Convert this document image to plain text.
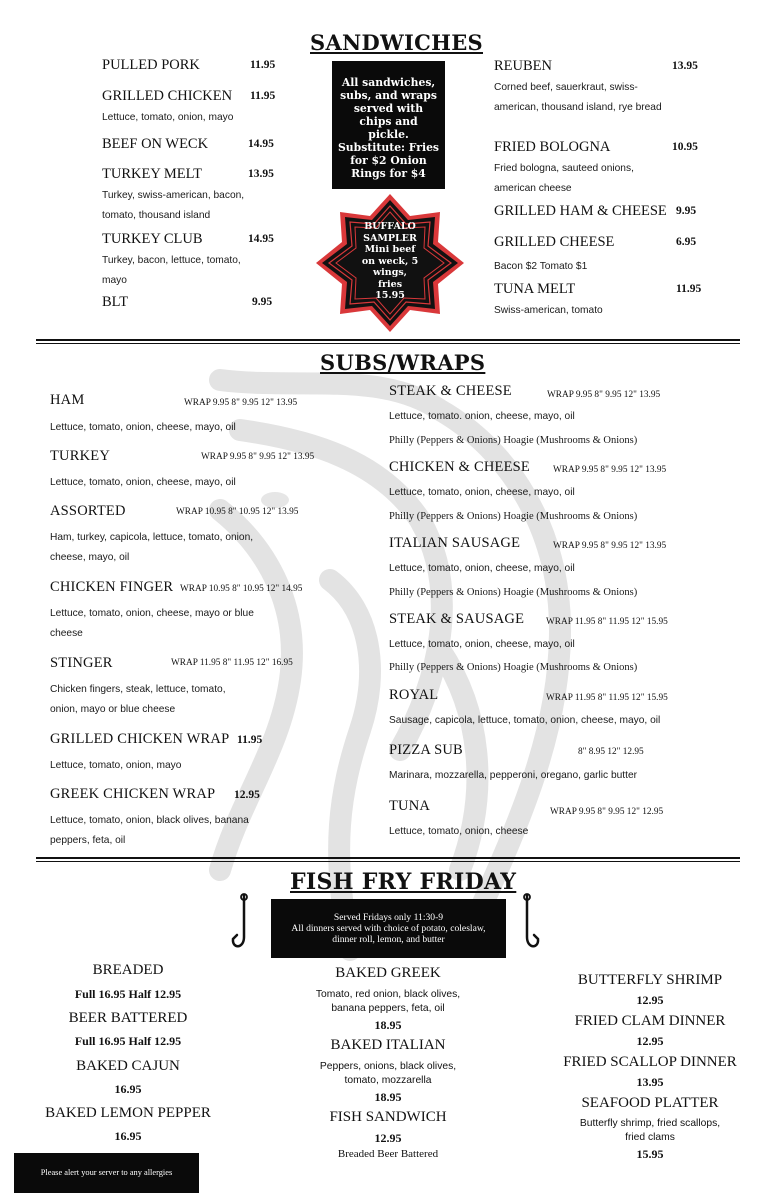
SANDWICHES
PULLED PORK	11.95
GRILLED CHICKEN 11.95
Lettuce, tomato, onion, mayo
BEEF ON WECK	14.95
TURKEY MELT	13.95
Turkey, swiss-american, bacon, tomato, thousand island
TURKEY CLUB	14.95
Turkey, bacon, lettuce, tomato, mayo
BLT	9.95
All sandwiches, subs, and wraps served with chips and pickle. Substitute: Fries for $2 Onion Rings for $4
BUFFALO
SAMPLER
Mini beef
on weck, 5
wings,
fries
15.95
REUBEN	13.95
Corned beef, sauerkraut, swiss-american, thousand island, rye bread
FRIED BOLOGNA	10.95
Fried bologna, sauteed onions, american cheese
GRILLED HAM & CHEESE 9.95
GRILLED CHEESE	6.95
Bacon $2 Tomato $1
TUNA MELT	11.95
Swiss-american, tomato
SUBS/WRAPS
HAM	WRAP 9.95 8" 9.95 12" 13.95
Lettuce, tomato, onion, cheese, mayo, oil
TURKEY	WRAP 9.95 8" 9.95 12" 13.95
Lettuce, tomato, onion, cheese, mayo, oil
ASSORTED	WRAP 10.95 8" 10.95 12" 13.95
Ham, turkey, capicola, lettuce, tomato, onion, cheese, mayo, oil
CHICKEN FINGER WRAP 10.95 8" 10.95 12" 14.95
Lettuce, tomato, onion, cheese, mayo or blue cheese
STINGER	WRAP 11.95 8" 11.95 12" 16.95
Chicken fingers, steak, lettuce, tomato, onion, mayo or blue cheese
GRILLED CHICKEN WRAP 11.95
Lettuce, tomato, onion, mayo
GREEK CHICKEN WRAP 12.95
Lettuce, tomato, onion, black olives, banana peppers, feta, oil
STEAK & CHEESE	WRAP 9.95 8" 9.95 12" 13.95
Lettuce, tomato. onion, cheese, mayo, oil
Philly (Peppers & Onions) Hoagie (Mushrooms & Onions)
CHICKEN & CHEESE WRAP 9.95 8" 9.95 12" 13.95
Lettuce, tomato, onion, cheese, mayo, oil
Philly (Peppers & Onions) Hoagie (Mushrooms & Onions)
ITALIAN SAUSAGE	WRAP 9.95 8" 9.95 12" 13.95
Lettuce, tomato, onion, cheese, mayo, oil
Philly (Peppers & Onions) Hoagie (Mushrooms & Onions)
STEAK & SAUSAGE WRAP 11.95 8" 11.95 12" 15.95
Lettuce, tomato, onion, cheese, mayo, oil
Philly (Peppers & Onions) Hoagie (Mushrooms & Onions)
ROYAL	WRAP 11.95 8" 11.95 12" 15.95
Sausage, capicola, lettuce, tomato, onion, cheese, mayo, oil
PIZZA SUB	8" 8.95 12" 12.95
Marinara, mozzarella, pepperoni, oregano, garlic butter
TUNA	WRAP 9.95 8" 9.95 12" 12.95
Lettuce, tomato, onion, cheese
FISH FRY FRIDAY
Served Fridays only 11:30-9
All dinners served with choice of potato, coleslaw, dinner roll, lemon, and butter
BREADED
Full 16.95 Half 12.95
BEER BATTERED
Full 16.95 Half 12.95
BAKED CAJUN
16.95
BAKED LEMON PEPPER
16.95
BAKED GREEK
Tomato, red onion, black olives,
banana peppers, feta, oil
18.95
BAKED ITALIAN
Peppers, onions, black olives,
tomato, mozzarella
18.95
FISH SANDWICH
12.95
Breaded Beer Battered
BUTTERFLY SHRIMP
12.95
FRIED CLAM DINNER
12.95
FRIED SCALLOP DINNER
13.95
SEAFOOD PLATTER
Butterfly shrimp, fried scallops,
fried clams
15.95
Please alert your server to any allergies
